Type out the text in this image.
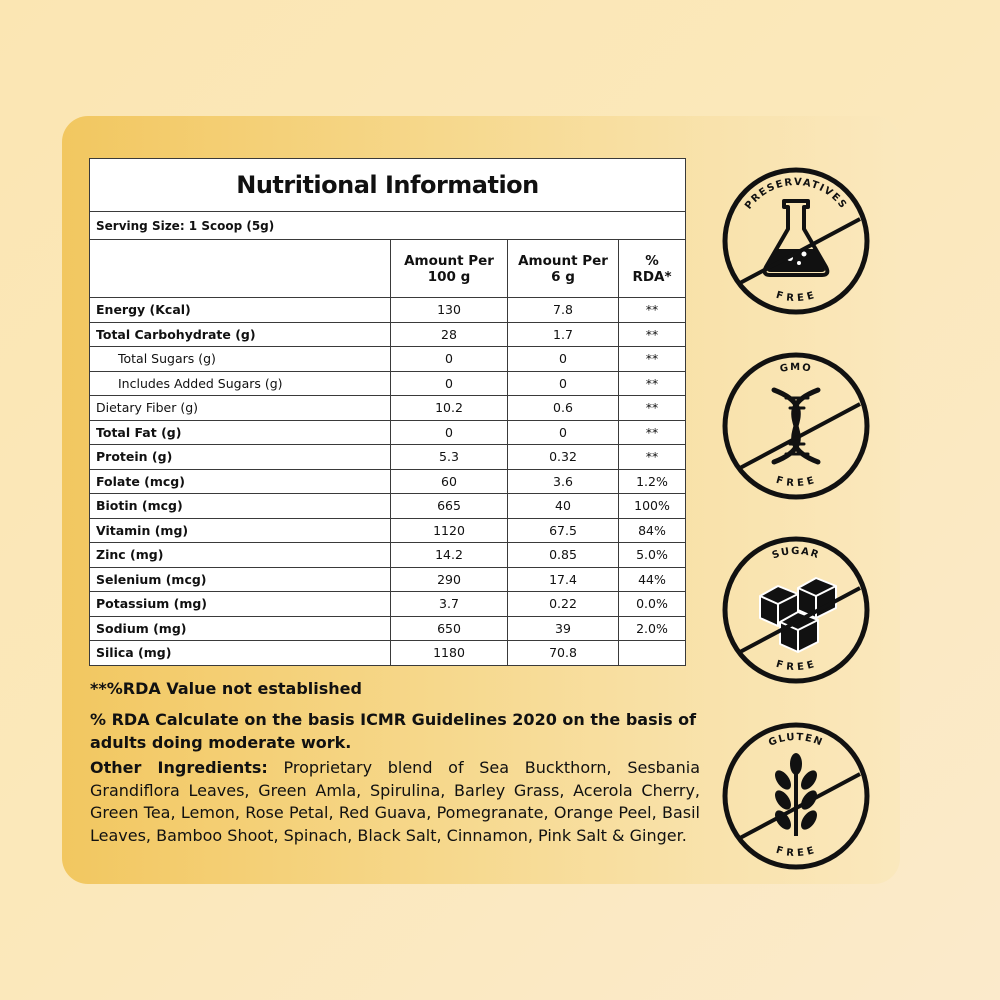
Nutritional Information			
Serving Size: 1 Scoop (5g)			
	Amount Per 100 g	Amount Per 6 g	% RDA*
Energy (Kcal)	130	7.8	**
Total Carbohydrate (g)	28	1.7	**
Total Sugars (g)	0	0	**
Includes Added Sugars (g)	0	0	**
Dietary Fiber (g)	10.2	0.6	**
Total Fat (g)	0	0	**
Protein (g)	5.3	0.32	**
Folate (mcg)	60	3.6	1.2%
Biotin (mcg)	665	40	100%
Vitamin (mg)	1120	67.5	84%
Zinc (mg)	14.2	0.85	5.0%
Selenium (mcg)	290	17.4	44%
Potassium (mg)	3.7	0.22	0.0%
Sodium (mg)	650	39	2.0%
Silica (mg)	1180	70.8	
**%RDA Value not established
% RDA Calculate on the basis ICMR Guidelines 2020 on the basis of adults doing moderate work.
Other Ingredients: Proprietary blend of Sea Buckthorn, Sesbania Grandiflora Leaves, Green Amla, Spirulina, Barley Grass, Acerola Cherry, Green Tea, Lemon, Rose Petal, Red Guava, Pomegranate, Orange Peel, Basil Leaves, Bamboo Shoot, Spinach, Black Salt, Cinnamon, Pink Salt & Ginger.
PRESERVATIVES
FREE
GMO
FREE
SUGAR
FREE
GLUTEN
FREE
